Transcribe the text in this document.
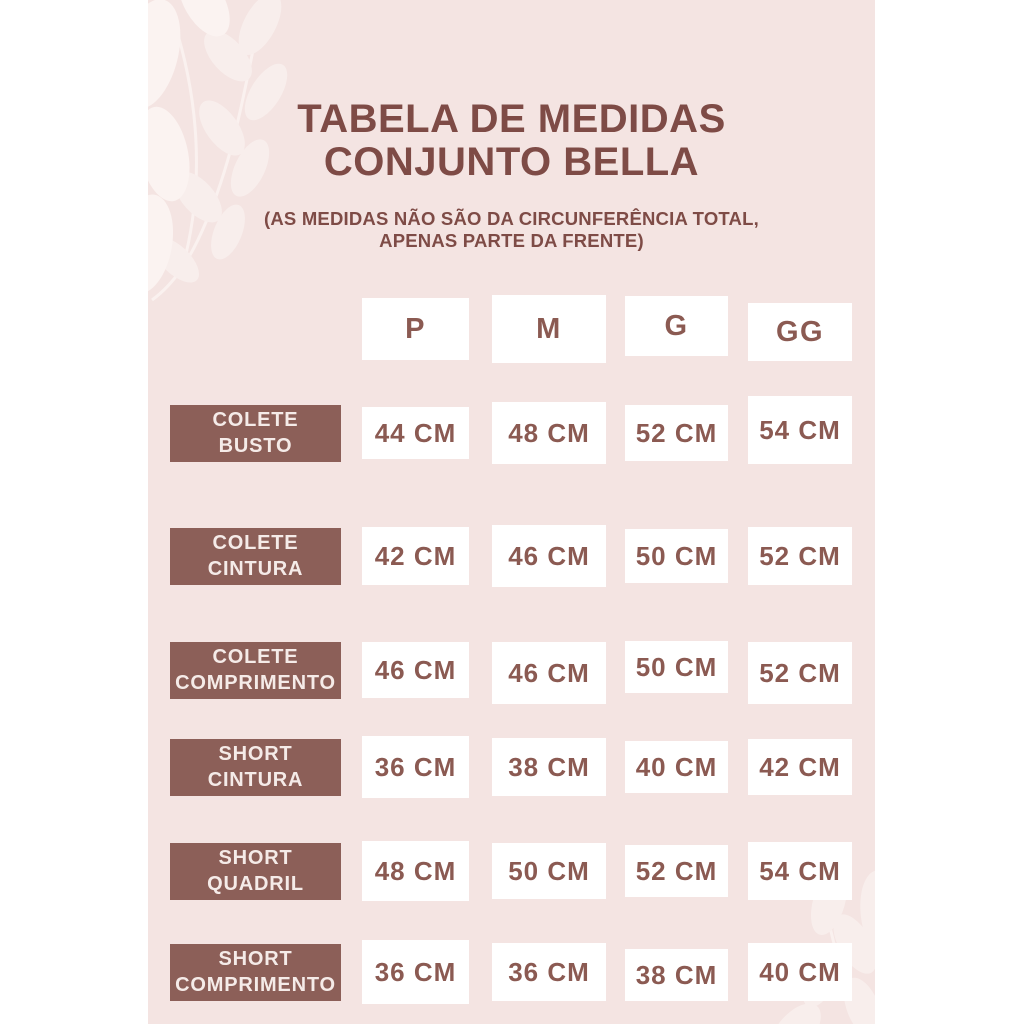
TABELA DE MEDIDAS
CONJUNTO BELLA
(AS MEDIDAS NÃO SÃO DA CIRCUNFERÊNCIA TOTAL,
APENAS PARTE DA FRENTE)
P	M	G	GG
COLETE
BUSTO	44 CM	48 CM	52 CM	54 CM
COLETE
CINTURA	42 CM	46 CM	50 CM	52 CM
COLETE
COMPRIMENTO	46 CM	46 CM	50 CM	52 CM
SHORT
CINTURA	36 CM	38 CM	40 CM	42 CM
SHORT
QUADRIL	48 CM	50 CM	52 CM	54 CM
SHORT
COMPRIMENTO	36 CM	36 CM	38 CM	40 CM
